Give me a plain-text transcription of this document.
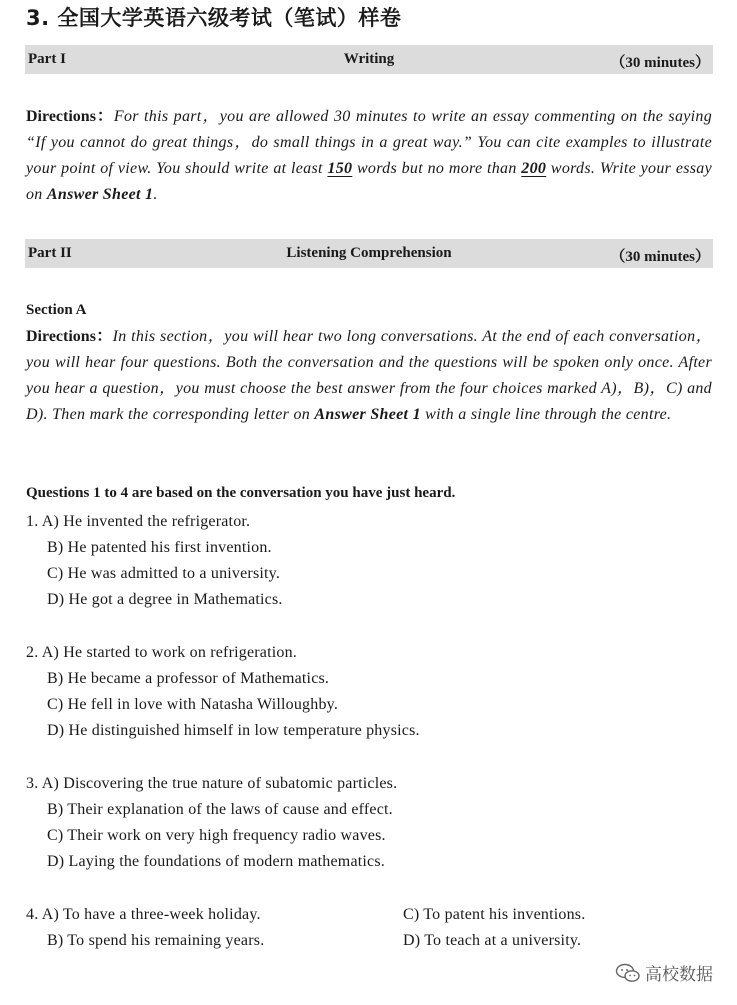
3. 全国大学英语六级考试（笔试）样卷
Part I	Writing	（30 minutes）
Directions：For this part，you are allowed 30 minutes to write an essay commenting on the saying “If you cannot do great things，do small things in a great way.” You can cite examples to illustrate your point of view. You should write at least 150 words but no more than 200 words. Write your essay on Answer Sheet 1.
Part II	Listening Comprehension	（30 minutes）
Section A
Directions：In this section，you will hear two long conversations. At the end of each conversation，you will hear four questions. Both the conversation and the questions will be spoken only once. After you hear a question，you must choose the best answer from the four choices marked A)，B)，C) and D). Then mark the corresponding letter on Answer Sheet 1 with a single line through the centre.
Questions 1 to 4 are based on the conversation you have just heard.
1. A) He invented the refrigerator.
B) He patented his first invention.
C) He was admitted to a university.
D) He got a degree in Mathematics.
2. A) He started to work on refrigeration.
B) He became a professor of Mathematics.
C) He fell in love with Natasha Willoughby.
D) He distinguished himself in low temperature physics.
3. A) Discovering the true nature of subatomic particles.
B) Their explanation of the laws of cause and effect.
C) Their work on very high frequency radio waves.
D) Laying the foundations of modern mathematics.
4. A) To have a three-week holiday.
B) To spend his remaining years.
C) To patent his inventions.
D) To teach at a university.
高校数据
